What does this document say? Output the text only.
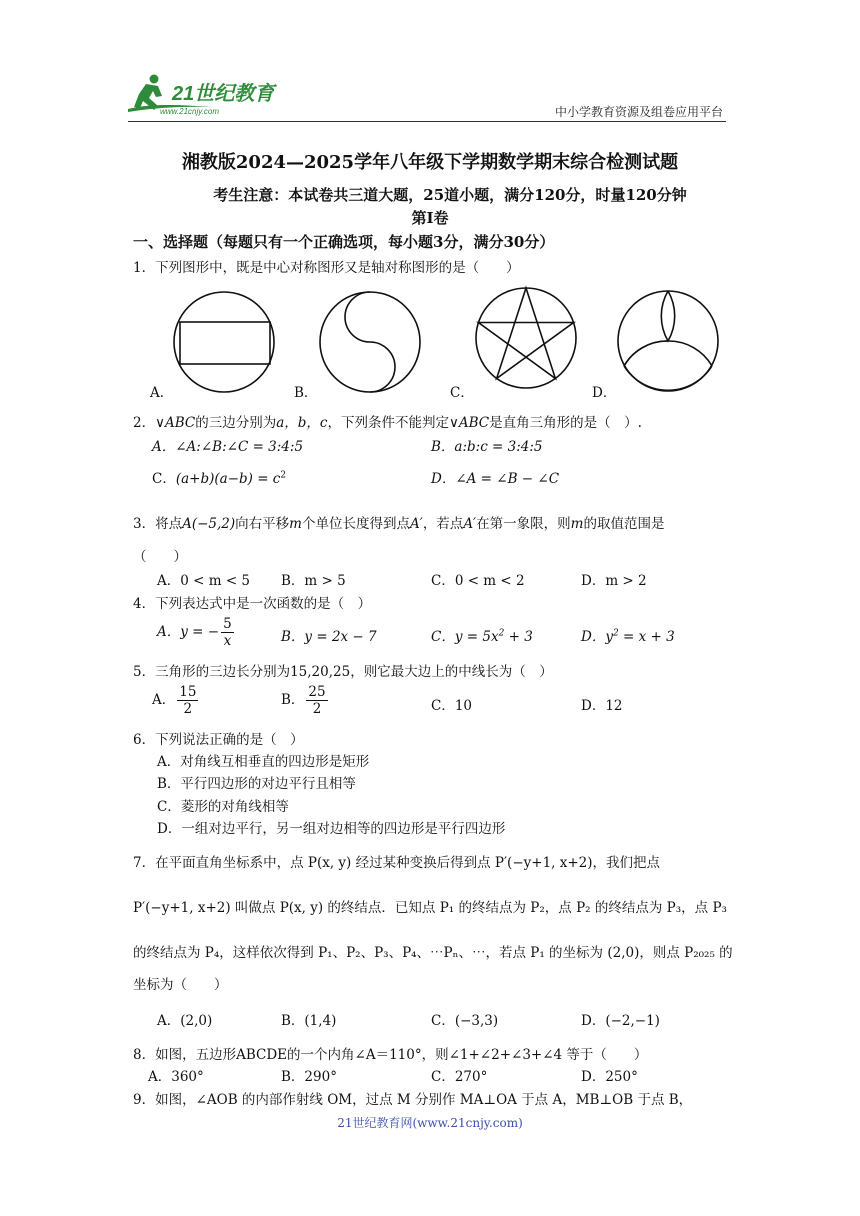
21世纪教育
www.21cnjy.com	中小学教育资源及组卷应用平台
湘教版2024—2025学年八年级下学期数学期末综合检测试题
考生注意：本试卷共三道大题，25道小题，满分120分，时量120分钟
第Ⅰ卷
一、选择题（每题只有一个正确选项，每小题3分，满分30分）
1．下列图形中，既是中心对称图形又是轴对称图形的是（　　）
A．	B．	C．	D．
2．∨ABC的三边分别为a，b，c，下列条件不能判定∨ABC是直角三角形的是（　）.
A．∠A:∠B:∠C = 3:4:5	B．a:b:c = 3:4:5
C．$(a+b)(a-b) = c^2$	D．∠A = ∠B − ∠C
3．将点A(−5,2)向右平移m个单位长度得到点A′，若点A′在第一象限，则m的取值范围是
（　　）
A．0 < m < 5 B．m > 5	C．0 < m < 2	D．m > 2
4．下列表达式中是一次函数的是（　）
A．y = − $\frac{5}{x}$	B．y = 2x − 7	C．$y = 5x^2 + 3$	D．$y^2 = x + 3$
5．三角形的三边长分别为15,20,25，则它最大边上的中线长为（　）
A． $\frac{15}{2}$	B． $\frac{25}{2}$	C．10	D．12
6．下列说法正确的是（　）
A．对角线互相垂直的四边形是矩形
B．平行四边形的对边平行且相等
C．菱形的对角线相等
D．一组对边平行，另一组对边相等的四边形是平行四边形
7．在平面直角坐标系中，点 P(x, y) 经过某种变换后得到点 P′(−y+1, x+2)，我们把点
P′(−y+1, x+2) 叫做点 P(x, y) 的终结点．已知点 P₁ 的终结点为 P₂，点 P₂ 的终结点为 P₃，点 P₃
的终结点为 P₄，这样依次得到 P₁、P₂、P₃、P₄、⋯Pₙ、⋯，若点 P₁ 的坐标为 (2,0)，则点 P₂₀₂₅ 的
坐标为（　　）
A．(2,0)	B．(1,4)	C．(−3,3)	D．(−2,−1)
8．如图，五边形ABCDE的一个内角∠A＝110°，则∠1+∠2+∠3+∠4 等于（　　）
A．360°	B．290°	C．270°	D．250°
9．如图，∠AOB 的内部作射线 OM，过点 M 分别作 MA⊥OA 于点 A，MB⊥OB 于点 B，
21世纪教育网(www.21cnjy.com)
